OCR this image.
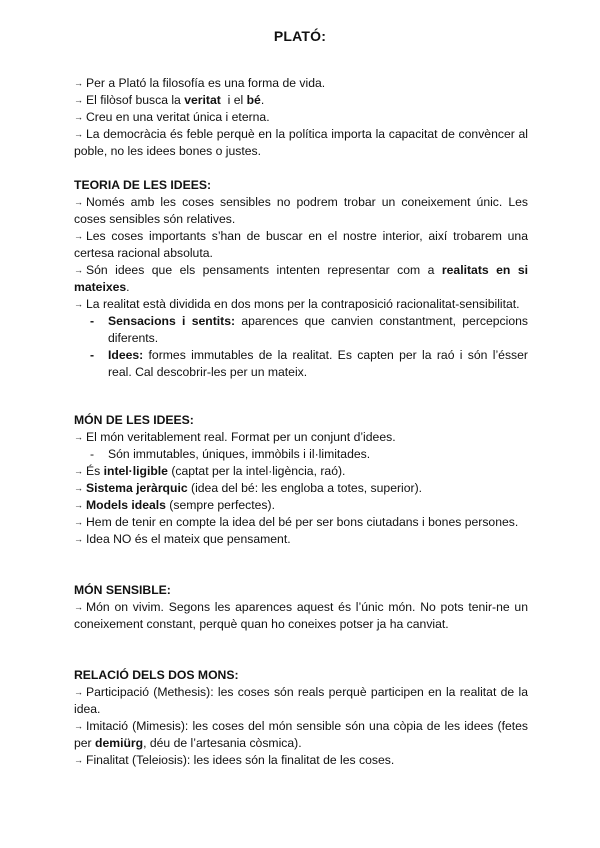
PLATÓ:

→ Per a Plató la filosofía es una forma de vida.

→ El filòsof busca la veritat  i el bé.

→ Creu en una veritat única i eterna.

→ La democràcia és feble perquè en la política importa la capacitat de convèncer al poble, no les idees bones o justes.

TEORIA DE LES IDEES:

→ Només amb les coses sensibles no podrem trobar un coneixement únic. Les coses sensibles són relatives.

→ Les coses importants s’han de buscar en el nostre interior, així trobarem una certesa racional absoluta.

→ Són idees que els pensaments intenten representar com a realitats en si mateixes.

→ La realitat està dividida en dos mons per la contraposició racionalitat-sensibilitat.

- Sensacions i sentits: aparences que canvien constantment, percepcions diferents.

- Idees: formes immutables de la realitat. Es capten per la raó i són l’ésser real. Cal descobrir-les per un mateix.

MÓN DE LES IDEES:

→ El món veritablement real. Format per un conjunt d’idees.

- Són immutables, úniques, immòbils i il·limitades.

→ És intel·ligible (captat per la intel·ligència, raó).

→ Sistema jeràrquic (idea del bé: les engloba a totes, superior).

→ Models ideals (sempre perfectes).

→ Hem de tenir en compte la idea del bé per ser bons ciutadans i bones persones.

→ Idea NO és el mateix que pensament.

MÓN SENSIBLE:

→ Món on vivim. Segons les aparences aquest és l’únic món. No pots tenir-ne un coneixement constant, perquè quan ho coneixes potser ja ha canviat.

RELACIÓ DELS DOS MONS:

→ Participació (Methesis): les coses són reals perquè participen en la realitat de la idea.

→ Imitació (Mimesis): les coses del món sensible són una còpia de les idees (fetes per demiürg, déu de l’artesania còsmica).

→ Finalitat (Teleiosis): les idees són la finalitat de les coses.
